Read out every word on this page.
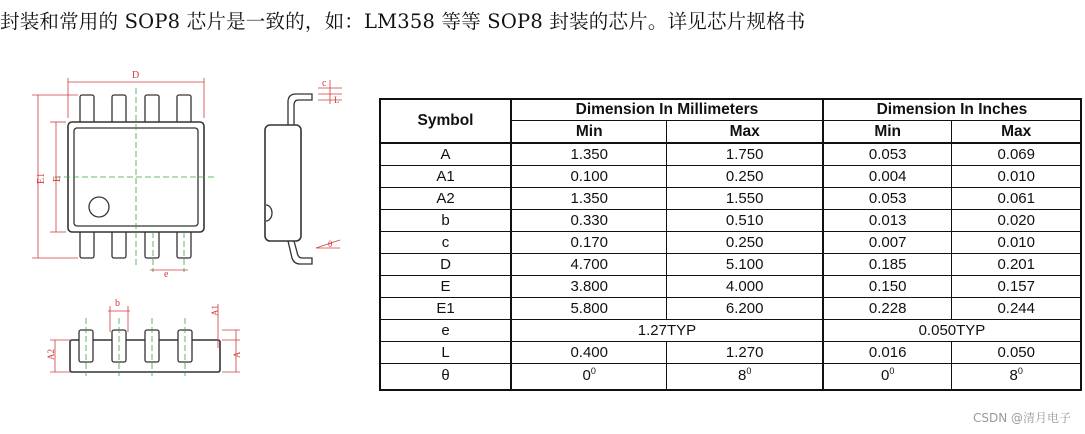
封装和常用的 SOP8 芯片是一致的，如：LM358 等等 SOP8 封装的芯片。详见芯片规格书
D
E1 E
e
c
L
θ
b
A2
A1
A
Symbol	Dimension In Millimeters		Dimension In Inches	
	Min	Max	Min	Max
A	1.350	1.750	0.053	0.069
A1	0.100	0.250	0.004	0.010
A2	1.350	1.550	0.053	0.061
b	0.330	0.510	0.013	0.020
c	0.170	0.250	0.007	0.010
D	4.700	5.100	0.185	0.201
E	3.800	4.000	0.150	0.157
E1	5.800	6.200	0.228	0.244
e	1.27TYP		0.050TYP	
L	0.400	1.270	0.016	0.050
θ	$0^0$	$8^0$	$0^0$	$8^0$
CSDN @清月电子
